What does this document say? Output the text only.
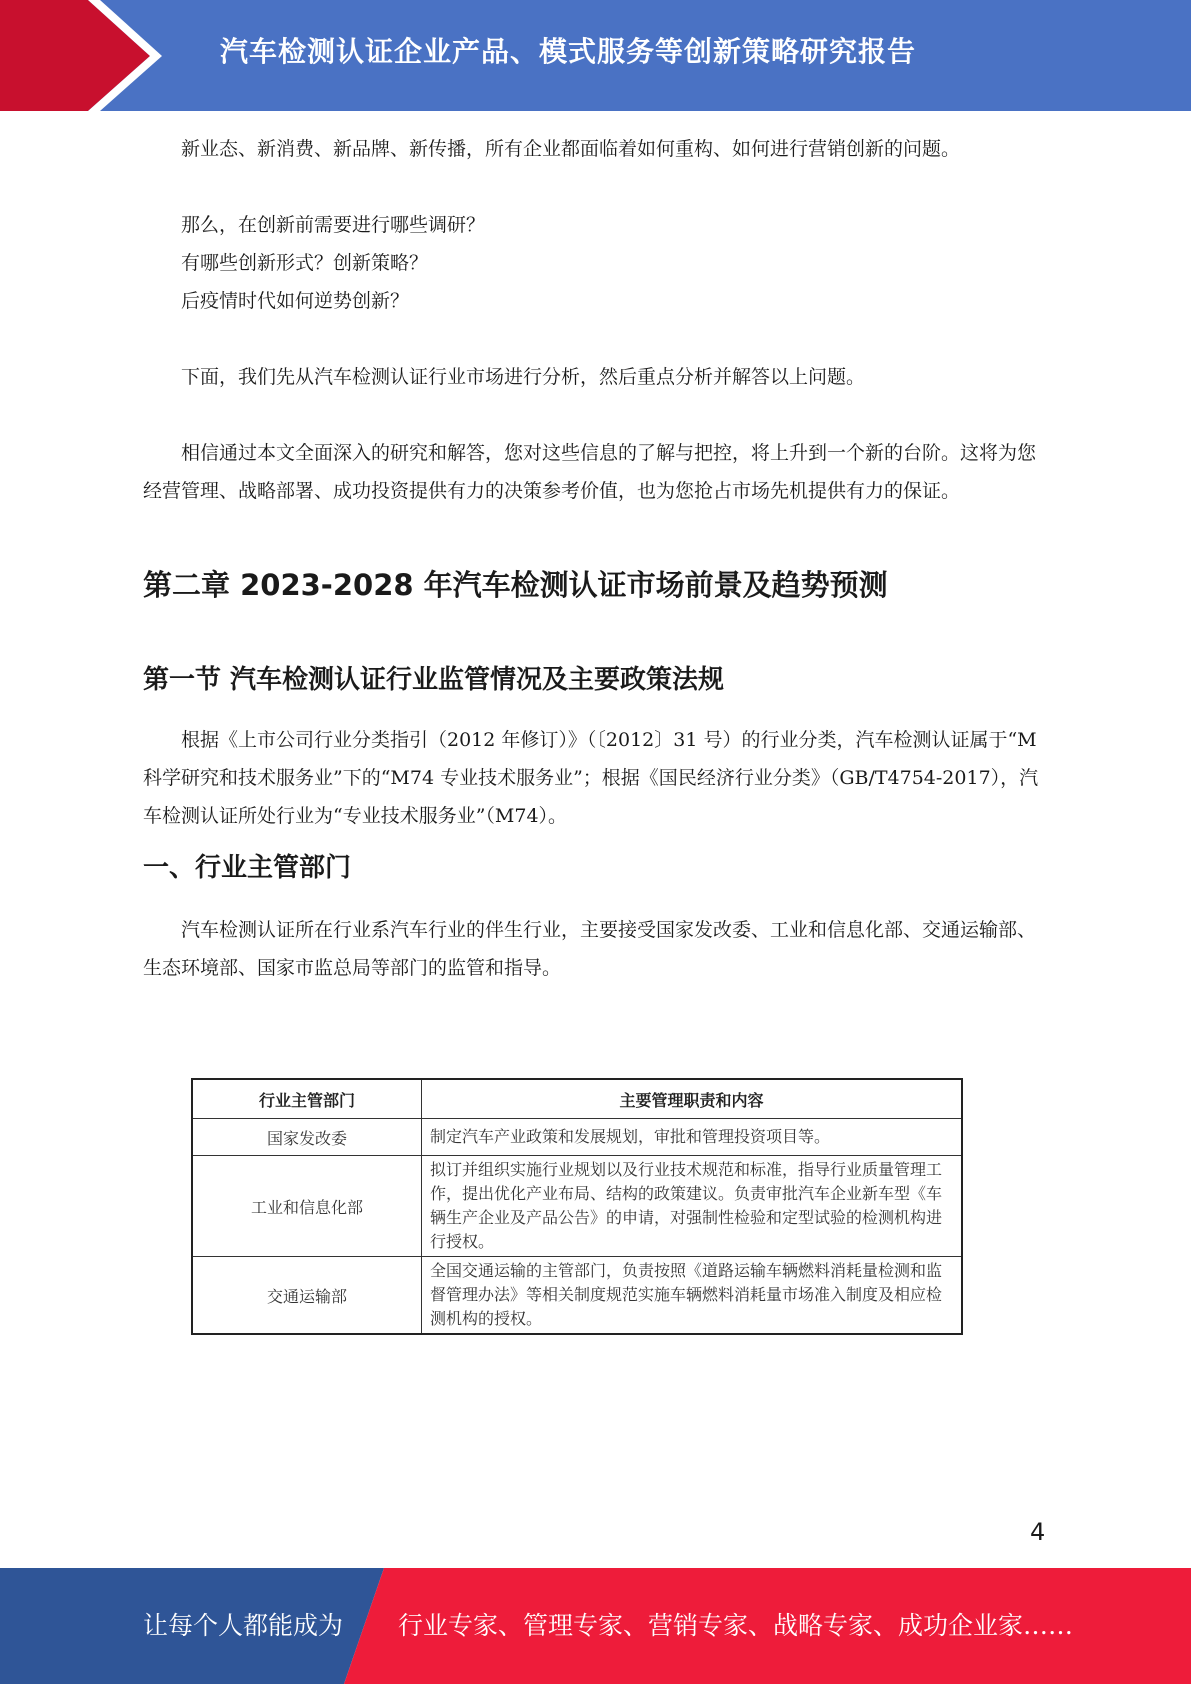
汽车检测认证企业产品、模式服务等创新策略研究报告

新业态、新消费、新品牌、新传播，所有企业都面临着如何重构、如何进行营销创新的问题。

那么，在创新前需要进行哪些调研？

有哪些创新形式？创新策略？

后疫情时代如何逆势创新？

下面，我们先从汽车检测认证行业市场进行分析，然后重点分析并解答以上问题。

相信通过本文全面深入的研究和解答，您对这些信息的了解与把控，将上升到一个新的台阶。这将为您经营管理、战略部署、成功投资提供有力的决策参考价值，也为您抢占市场先机提供有力的保证。

第二章 2023-2028 年汽车检测认证市场前景及趋势预测
第一节 汽车检测认证行业监管情况及主要政策法规

根据《上市公司行业分类指引（2012 年修订）》（〔2012〕31 号）的行业分类，汽车检测认证属于“M 科学研究和技术服务业”下的“M74 专业技术服务业”；根据《国民经济行业分类》（GB/T4754-2017），汽车检测认证所处行业为“专业技术服务业”（M74）。

一、行业主管部门

汽车检测认证所在行业系汽车行业的伴生行业，主要接受国家发改委、工业和信息化部、交通运输部、生态环境部、国家市监总局等部门的监管和指导。

行业主管部门	主要管理职责和内容
国家发改委	制定汽车产业政策和发展规划，审批和管理投资项目等。
工业和信息化部	拟订并组织实施行业规划以及行业技术规范和标准，指导行业质量管理工作，提出优化产业布局、结构的政策建议。负责审批汽车企业新车型《车辆生产企业及产品公告》的申请，对强制性检验和定型试验的检测机构进行授权。
交通运输部	全国交通运输的主管部门，负责按照《道路运输车辆燃料消耗量检测和监督管理办法》等相关制度规范实施车辆燃料消耗量市场准入制度及相应检测机构的授权。
4
让每个人都能成为 行业专家、管理专家、营销专家、战略专家、成功企业家……
